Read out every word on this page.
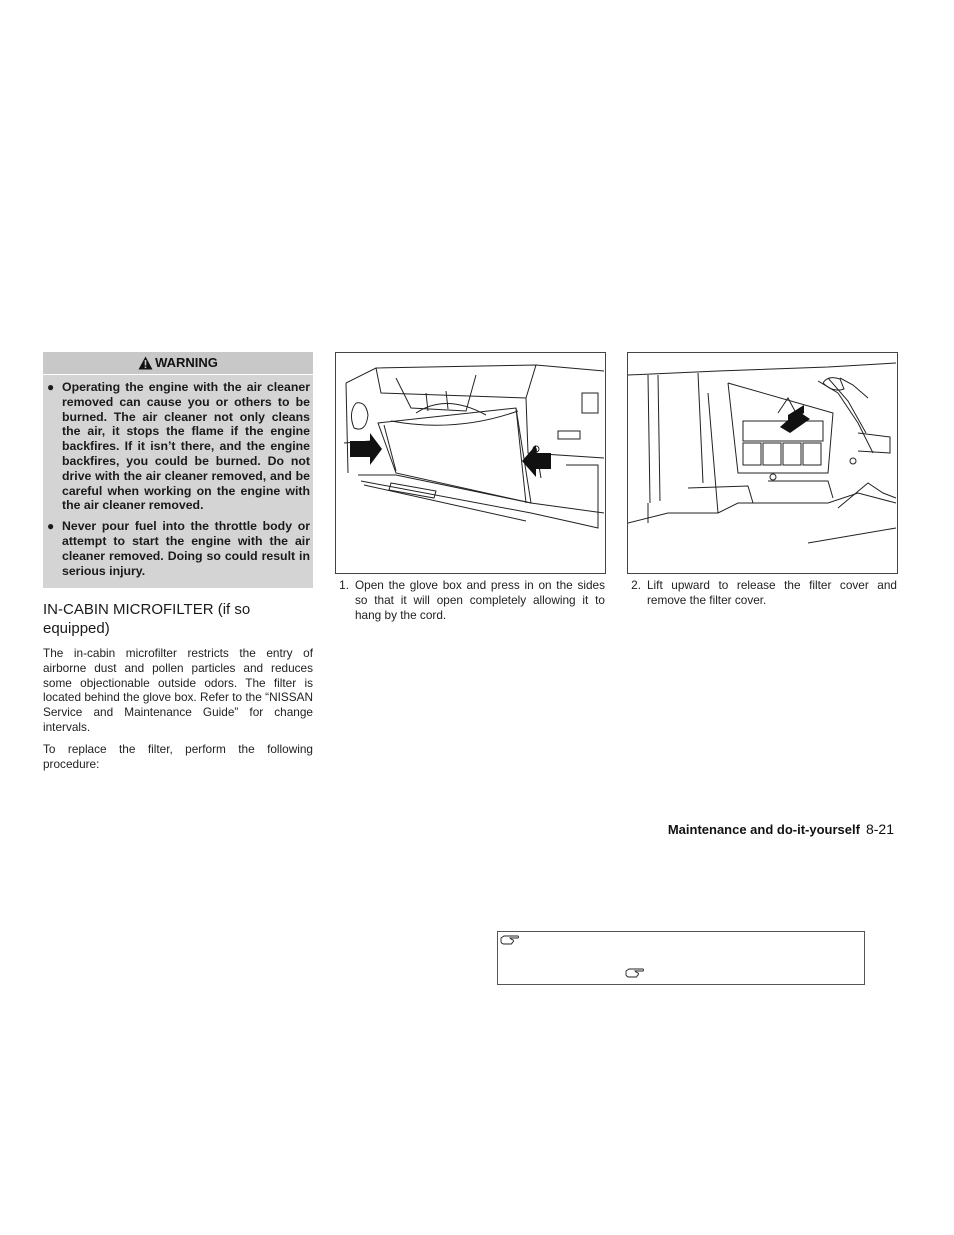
WARNING
● Operating the engine with the air cleaner removed can cause you or others to be burned. The air cleaner not only cleans the air, it stops the flame if the engine backfires. If it isn’t there, and the engine backfires, you could be burned. Do not drive with the air cleaner removed, and be careful when working on the engine with the air cleaner removed.
● Never pour fuel into the throttle body or attempt to start the engine with the air cleaner removed. Doing so could result in serious injury.
IN-CABIN MICROFILTER (if so equipped)
The in-cabin microfilter restricts the entry of airborne dust and pollen particles and reduces some objectionable outside odors. The filter is located behind the glove box. Refer to the “NISSAN Service and Maintenance Guide” for change intervals.
To replace the filter, perform the following procedure:
1. Open the glove box and press in on the sides so that it will open completely allowing it to hang by the cord.
2. Lift upward to release the filter cover and remove the filter cover.
Maintenance and do-it-yourself 8-21
